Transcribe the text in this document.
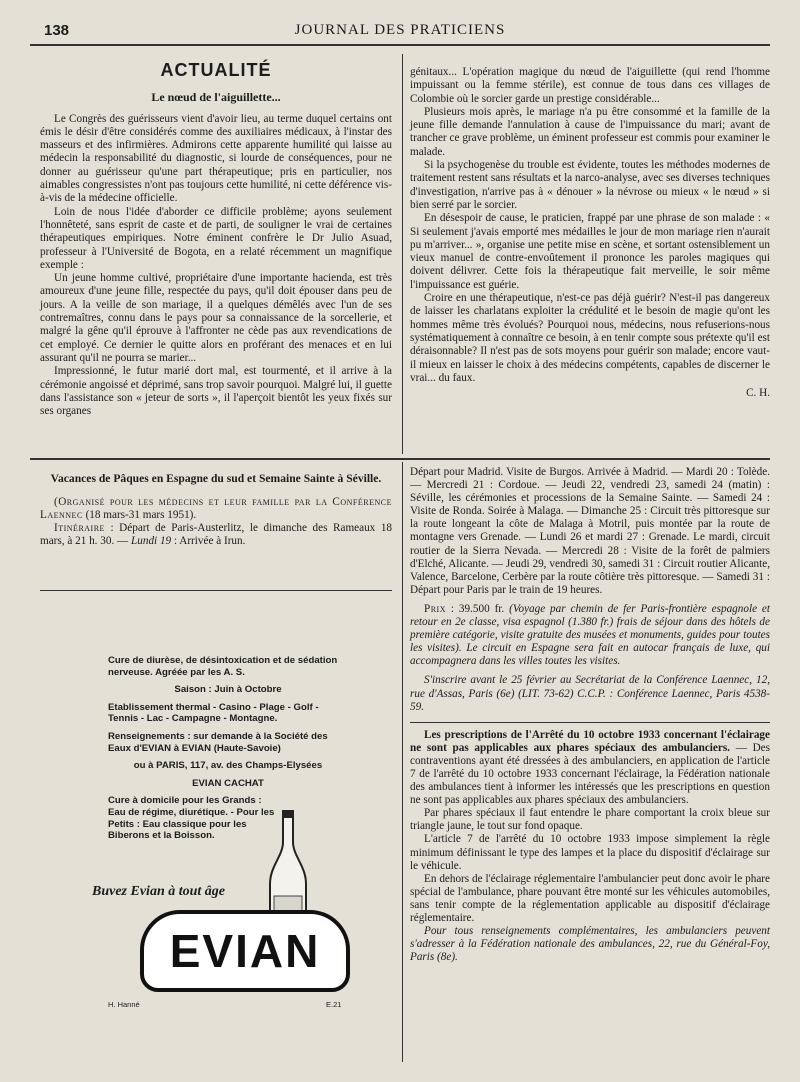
138	JOURNAL DES PRATICIENS
ACTUALITÉ
Le nœud de l'aiguillette...

Le Congrès des guérisseurs vient d'avoir lieu, au terme duquel certains ont émis le désir d'être considérés comme des auxiliaires médicaux, à l'instar des masseurs et des infirmières. Admirons cette apparente humilité qui laisse au médecin la responsabilité du diagnostic, si lourde de conséquences, pour ne donner au guérisseur qu'une part thérapeutique; pris en particulier, nos aimables congressistes n'ont pas toujours cette humilité, ni cette déférence vis-à-vis de la médecine officielle.

Loin de nous l'idée d'aborder ce difficile problème; ayons seulement l'honnêteté, sans esprit de caste et de parti, de souligner le vrai de certaines thérapeutiques empiriques. Notre éminent confrère le Dr Julio Asuad, professeur à l'Université de Bogota, en a relaté récemment un magnifique exemple :

Un jeune homme cultivé, propriétaire d'une importante hacienda, est très amoureux d'une jeune fille, respectée du pays, qu'il doit épouser dans peu de jours. A la veille de son mariage, il a quelques démêlés avec l'un de ses contremaîtres, connu dans le pays pour sa connaissance de la sorcellerie, et malgré la gêne qu'il éprouve à l'affronter ne cède pas aux revendications de cet employé. Ce dernier le quitte alors en proférant des menaces et en lui assurant qu'il ne pourra se marier...

Impressionné, le futur marié dort mal, est tourmenté, et il arrive à la cérémonie angoissé et déprimé, sans trop savoir pourquoi. Malgré lui, il guette dans l'assistance son « jeteur de sorts », il l'aperçoit bientôt les yeux fixés sur ses organes

génitaux... L'opération magique du nœud de l'aiguillette (qui rend l'homme impuissant ou la femme stérile), est connue de tous dans ces villages de Colombie où le sorcier garde un prestige considérable...

Plusieurs mois après, le mariage n'a pu être consommé et la famille de la jeune fille demande l'annulation à cause de l'impuissance du mari; avant de trancher ce grave problème, un éminent professeur est commis pour examiner le malade.

Si la psychogenèse du trouble est évidente, toutes les méthodes modernes de traitement restent sans résultats et la narco-analyse, avec ses diverses techniques d'investigation, n'arrive pas à « dénouer » la névrose ou mieux « le nœud » si bien serré par le sorcier.

En désespoir de cause, le praticien, frappé par une phrase de son malade : « Si seulement j'avais emporté mes médailles le jour de mon mariage rien n'aurait pu m'arriver... », organise une petite mise en scène, et sortant ostensiblement un vieux manuel de contre-envoûtement il prononce les paroles magiques qui doivent délivrer. Cette fois la thérapeutique fait merveille, le soir même l'impuissance est guérie.

Croire en une thérapeutique, n'est-ce pas déjà guérir? N'est-il pas dangereux de laisser les charlatans exploiter la crédulité et le besoin de magie qu'ont les hommes même très évolués? Pourquoi nous, médecins, nous refuserions-nous systématiquement à connaître ce besoin, à en tenir compte sous prétexte qu'il est déraisonnable? Il n'est pas de sots moyens pour guérir son malade; encore vaut-il mieux en laisser le choix à des médecins compétents, capables de discerner le vrai... du faux.

C. H.
Vacances de Pâques en Espagne du sud et Semaine Sainte à Séville.

(Organisé pour les médecins et leur famille par la Conférence Laennec (18 mars-31 mars 1951).

Itinéraire : Départ de Paris-Austerlitz, le dimanche des Rameaux 18 mars, à 21 h. 30. — Lundi 19 : Arrivée à Irun.

Départ pour Madrid. Visite de Burgos. Arrivée à Madrid. — Mardi 20 : Tolède. — Mercredi 21 : Cordoue. — Jeudi 22, vendredi 23, samedi 24 (matin) : Séville, les cérémonies et processions de la Semaine Sainte. — Samedi 24 : Visite de Ronda. Soirée à Malaga. — Dimanche 25 : Circuit très pittoresque sur la route longeant la côte de Malaga à Motril, puis montée par la route de montagne vers Grenade. — Lundi 26 et mardi 27 : Grenade. Le mardi, circuit routier de la Sierra Nevada. — Mercredi 28 : Visite de la forêt de palmiers d'Elché, Alicante. — Jeudi 29, vendredi 30, samedi 31 : Circuit routier Alicante, Valence, Barcelone, Cerbère par la route côtière très pittoresque. — Samedi 31 : Départ pour Paris par le train de 19 heures.

Prix : 39.500 fr. (Voyage par chemin de fer Paris-frontière espagnole et retour en 2e classe, visa espagnol (1.380 fr.) frais de séjour dans des hôtels de première catégorie, visite gratuite des musées et monuments, guides pour toutes les visites). Le circuit en Espagne sera fait en autocar français de luxe, qui accompagnera dans les villes toutes les visites.

S'inscrire avant le 25 février au Secrétariat de la Conférence Laennec, 12, rue d'Assas, Paris (6e) (LIT. 73-62) C.C.P. : Conférence Laennec, Paris 4538-59.

Les prescriptions de l'Arrêté du 10 octobre 1933 concernant l'éclairage ne sont pas applicables aux phares spéciaux des ambulanciers. — Des contraventions ayant été dressées à des ambulanciers, en application de l'article 7 de l'arrêté du 10 octobre 1933 concernant l'éclairage, la Fédération nationale des ambulances tient à informer les intéressés que les prescriptions en question ne sont pas applicables aux phares spéciaux des ambulanciers.

Par phares spéciaux il faut entendre le phare comportant la croix bleue sur triangle jaune, le tout sur fond opaque.

L'article 7 de l'arrêté du 10 octobre 1933 impose simplement la règle minimum définissant le type des lampes et la place du dispositif d'éclairage sur le véhicule.

En dehors de l'éclairage réglementaire l'ambulancier peut donc avoir le phare spécial de l'ambulance, phare pouvant être monté sur les véhicules automobiles, sans tenir compte de la réglementation applicable au dispositif d'éclairage réglementaire.

Pour tous renseignements complémentaires, les ambulanciers peuvent s'adresser à la Fédération nationale des ambulances, 22, rue du Général-Foy, Paris (8e).

Cure de diurèse, de désintoxication et de sédation nerveuse. Agréée par les A. S.

Saison : Juin à Octobre

Etablissement thermal - Casino - Plage - Golf - Tennis - Lac - Campagne - Montagne.

Renseignements : sur demande à la Société des Eaux d'EVIAN à EVIAN (Haute-Savoie)

ou à PARIS, 117, av. des Champs-Elysées

EVIAN CACHAT

Cure à domicile pour les Grands : Eau de régime, diurétique. - Pour les Petits : Eau classique pour les Biberons et la Boisson.

Buvez Evian à tout âge
EVIAN
H. Hanné	E.21
